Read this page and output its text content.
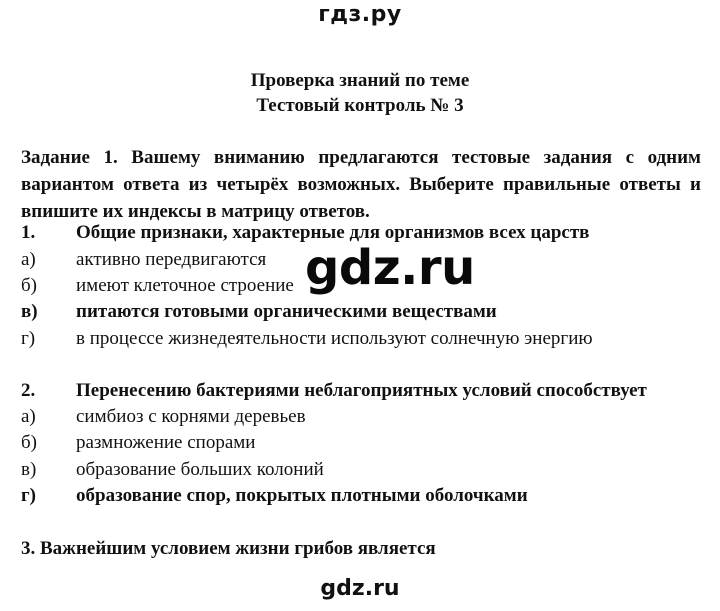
гдз.ру
Проверка знаний по теме
Тестовый контроль № 3
Задание 1. Вашему вниманию предлагаются тестовые задания с одним вариантом ответа из четырёх возможных. Выберите правильные ответы и впишите их индексы в матрицу ответов.
1. Общие признаки, характерные для организмов всех царств
а) активно передвигаются
б) имеют клеточное строение
в) питаются готовыми органическими веществами
г) в процессе жизнедеятельности используют солнечную энергию
2. Перенесению бактериями неблагоприятных условий способствует
а) симбиоз с корнями деревьев
б) размножение спорами
в) образование больших колоний
г) образование спор, покрытых плотными оболочками
3. Важнейшим условием жизни грибов является
gdz.ru
gdz.ru
